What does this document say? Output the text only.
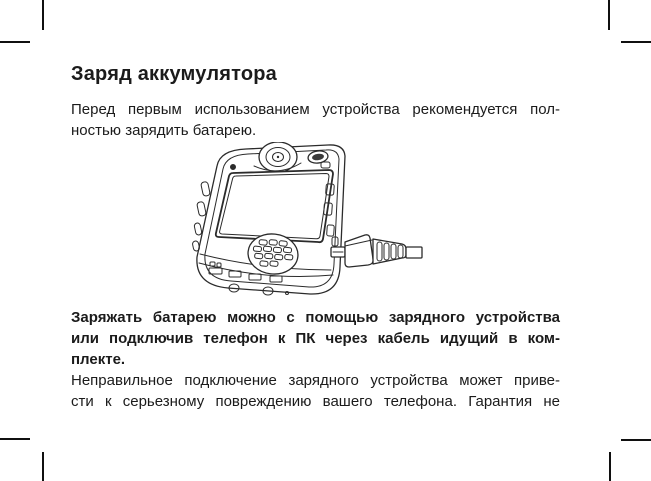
Заряд аккумулятора
Перед первым использованием устройства рекомендуется пол-
ностью зарядить батарею.
Заряжать батарею можно с помощью зарядного устройства
или подключив телефон к ПК через кабель идущий в ком-
плекте.
Неправильное подключение зарядного устройства может приве-
сти к серьезному повреждению вашего телефона. Гарантия не
